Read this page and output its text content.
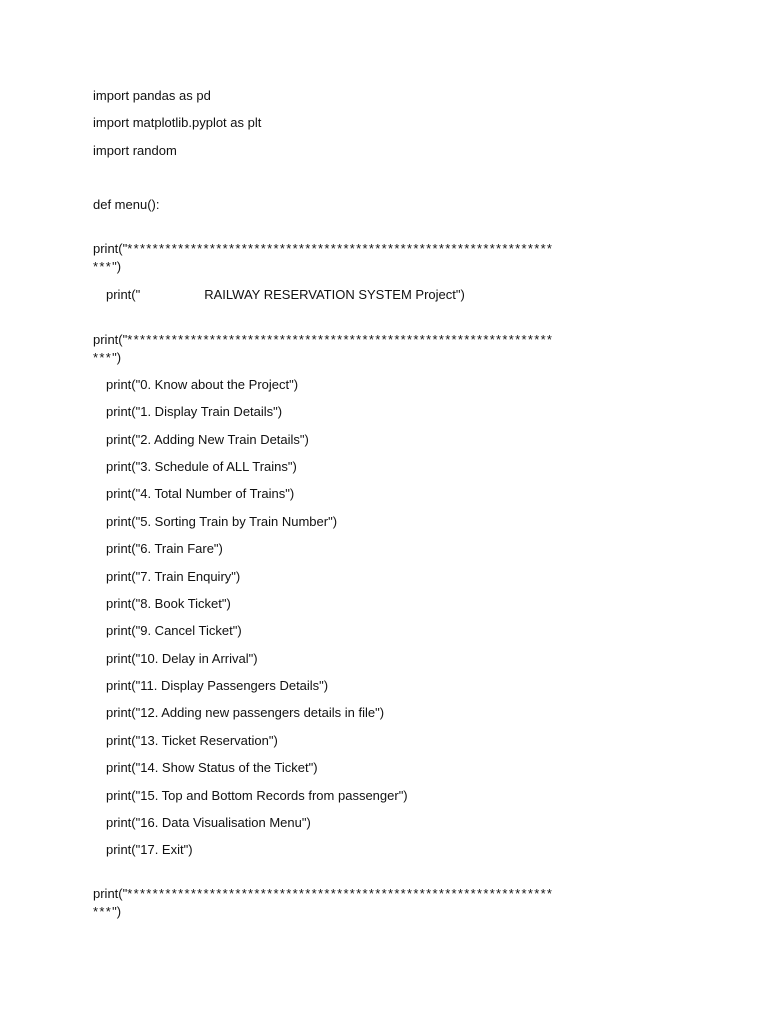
import pandas as pd
import matplotlib.pyplot as plt
import random
def menu():
print("*******************************************************************
***")
print("	RAILWAY RESERVATION SYSTEM Project")
print("*******************************************************************
***")
print("0. Know about the Project")
print("1. Display Train Details")
print("2. Adding New Train Details")
print("3. Schedule of ALL Trains")
print("4. Total Number of Trains")
print("5. Sorting Train by Train Number")
print("6. Train Fare")
print("7. Train Enquiry")
print("8. Book Ticket")
print("9. Cancel Ticket")
print("10. Delay in Arrival")
print("11. Display Passengers Details")
print("12. Adding new passengers details in file")
print("13. Ticket Reservation")
print("14. Show Status of the Ticket")
print("15. Top and Bottom Records from passenger")
print("16. Data Visualisation Menu")
print("17. Exit")
print("*******************************************************************
***")
